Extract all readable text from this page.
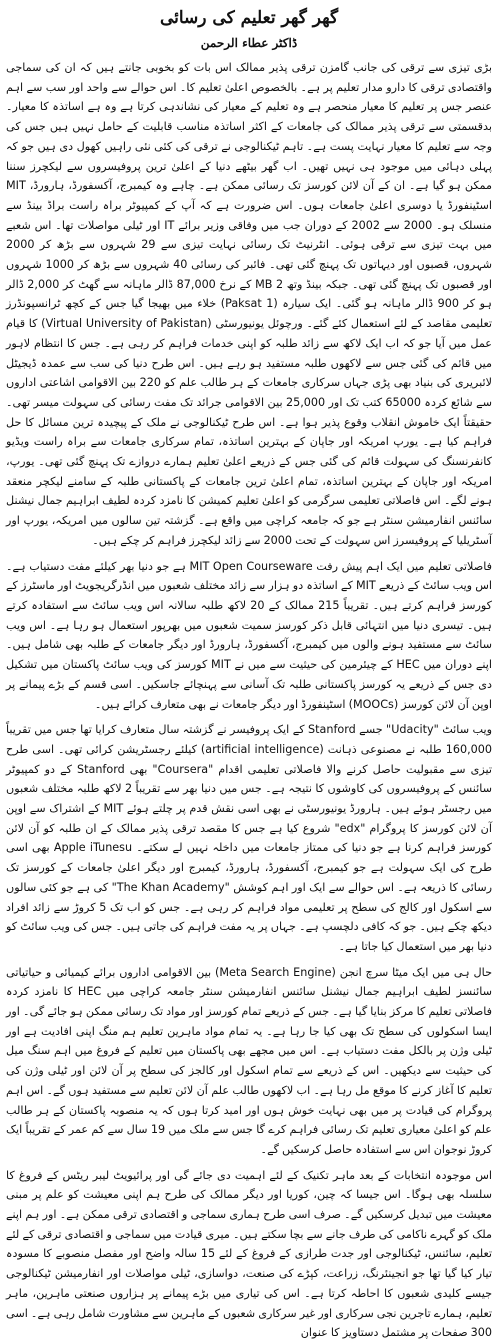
گھر گھر تعلیم کی رسائی
ڈاکٹر عطاء الرحمن

بڑی تیزی سے ترقی کی جانب گامزن ترقی پذیر ممالک اس بات کو بخوبی جانتے ہیں کہ ان کی سماجی واقتصادی ترقی کا دارو مدار تعلیم پر ہے۔ بالخصوص اعلیٰ تعلیم کا۔ اس حوالے سے واحد اور سب سے اہم عنصر جس پر تعلیم کا معیار منحصر ہے وہ تعلیم کے معیار کی نشاندہی کرتا ہے وہ ہے اساتذہ کا معیار۔ بدقسمتی سے ترقی پذیر ممالک کی جامعات کے اکثر اساتذہ مناسب قابلیت کے حامل نہیں ہیں جس کی وجہ سے تعلیم کا معیار نہایت پست ہے۔ تاہم ٹیکنالوجی نے ترقی کی کئی نئی راہیں کھول دی ہیں جو کہ پہلی دہائی میں موجود ہی نہیں تھیں۔ اب گھر بیٹھے دنیا کے اعلیٰ ترین پروفیسروں سے لیکچرز سننا ممکن ہو گیا ہے۔ ان کے آن لائن کورسز تک رسائی ممکن ہے۔ چاہے وہ کیمبرج، آکسفورڈ، ہارورڈ، MIT اسٹینفورڈ یا دوسری اعلیٰ جامعات ہوں۔ اس ضرورت ہے کہ آپ کے کمپیوٹر براہ راست براڈ بینڈ سے منسلک ہو۔ 2000 سے 2002 کے دوران جب میں وفاقی وزیر برائے IT اور ٹیلی مواصلات تھا۔ اس شعبے میں بہت تیزی سے ترقی ہوئی۔ انٹرنیٹ تک رسائی نہایت تیزی سے 29 شہروں سے بڑھ کر 2000 شہروں، قصبوں اور دیہاتوں تک پہنچ گئی تھی۔ فائبر کی رسائی 40 شہروں سے بڑھ کر 1000 شہروں اور قصبوں تک پہنچ گئی تھی۔ جبکہ بینڈ وتھ 2 MB کے نرخ 87,000 ڈالر ماہانہ سے گھٹ کر 2,000 ڈالر ہو کر 900 ڈالر ماہانہ ہو گئی۔ ایک سیارہ (Paksat 1) خلاء میں بھیجا گیا جس کے کچھ ٹرانسپونڈرز تعلیمی مقاصد کے لئے استعمال کئے گئے۔ ورچوئل یونیورسٹی (Virtual University of Pakistan) کا قیام عمل میں آیا جو کہ اب ایک لاکھ سے زائد طلبہ کو اپنی خدمات فراہم کر رہی ہے۔ جس کا انتظام لاہور میں قائم کی گئی جس سے لاکھوں طلبہ مستفید ہو رہے ہیں۔ اس طرح دنیا کی سب سے عمدہ ڈیجیٹل لائبریری کی بنیاد بھی پڑی جہاں سرکاری جامعات کے ہر طالب علم کو 220 بین الاقوامی اشاعتی اداروں سے شائع کردہ 65000 کتب تک اور 25,000 بین الاقوامی جرائد تک مفت رسائی کی سہولت میسر تھی۔ حقیقتاً ایک خاموش انقلاب وقوع پذیر ہوا ہے۔ اس طرح ٹیکنالوجی نے ملک کے پیچیدہ ترین مسائل کا حل فراہم کیا ہے۔ یورپ امریکہ اور جاپان کے بہترین اساتذہ، تمام سرکاری جامعات سے براہ راست ویڈیو کانفرنسنگ کی سہولت قائم کی گئی جس کے ذریعے اعلیٰ تعلیم ہمارے دروازے تک پہنچ گئی تھی۔ یورپ، امریکہ اور جاپان کے بہترین اساتذہ، تمام اعلیٰ ترین جامعات کے پاکستانی طلبہ کے سامنے لیکچر منعقد ہونے لگے۔ اس فاصلاتی تعلیمی سرگرمی کو اعلیٰ تعلیم کمیشن کا نامزد کردہ لطیف ابراہیم جمال نیشنل سائنس انفارمیشن سنٹر ہے جو کہ جامعہ کراچی میں واقع ہے۔ گزشتہ تین سالوں میں امریکہ، یورپ اور آسٹریلیا کے پروفیسرز اس سہولت کے تحت 2000 سے زائد لیکچرز فراہم کر چکے ہیں۔

فاصلاتی تعلیم میں ایک اہم پیش رفت MIT Open Courseware ہے جو دنیا بھر کیلئے مفت دستیاب ہے۔ اس ویب سائٹ کے ذریعے MIT کے اساتذہ دو ہزار سے زائد مختلف شعبوں میں انڈرگریجویٹ اور ماسٹرز کے کورسز فراہم کرتے ہیں۔ تقریباً 215 ممالک کے 20 لاکھ طلبہ سالانہ اس ویب سائٹ سے استفادہ کرتے ہیں۔ تیسری دنیا میں انتہائی قابل ذکر کورسز سمیت شعبوں میں بھرپور استعمال ہو رہا ہے۔ اس ویب سائٹ سے مستفید ہونے والوں میں کیمبرج، آکسفورڈ، ہارورڈ اور دیگر جامعات کے طلبہ بھی شامل ہیں۔ اپنے دوران میں HEC کے چیئرمین کی حیثیت سے میں نے MIT کورسز کی ویب سائٹ پاکستان میں تشکیل دی جس کے ذریعے یہ کورسز پاکستانی طلبہ تک آسانی سے پہنچائے جاسکیں۔ اسی قسم کے بڑے پیمانے پر اوپن آن لائن کورسز (MOOCs) اسٹینفورڈ اور دیگر جامعات نے بھی متعارف کرائے ہیں۔

ویب سائٹ "Udacity" جسے Stanford کے ایک پروفیسر نے گزشتہ سال متعارف کرایا تھا جس میں تقریباً 160,000 طلبہ نے مصنوعی ذہانت (artificial intelligence) کیلئے رجسٹریشن کرائی تھی۔ اسی طرح تیزی سے مقبولیت حاصل کرنے والا فاصلاتی تعلیمی اقدام "Coursera" بھی Stanford کے دو کمپیوٹر سائنس کے پروفیسروں کی کاوشوں کا نتیجہ ہے۔ جس میں دنیا بھر سے تقریباً 2 لاکھ طلبہ مختلف شعبوں میں رجسٹر ہوئے ہیں۔ ہارورڈ یونیورسٹی نے بھی اسی نقش قدم پر چلتے ہوئے MIT کے اشتراک سے اوپن آن لائن کورسز کا پروگرام "edx" شروع کیا ہے جس کا مقصد ترقی پذیر ممالک کے ان طلبہ کو آن لائن کورسز فراہم کرنا ہے جو دنیا کی ممتاز جامعات میں داخلہ نہیں لے سکتے۔ Apple iTunesu بھی اسی طرح کی ایک سہولت ہے جو کیمبرج، آکسفورڈ، ہارورڈ، کیمبرج اور دیگر اعلیٰ جامعات کے کورسز تک رسائی کا ذریعہ ہے۔ اس حوالے سے ایک اور اہم کوشش "The Khan Academy" کی ہے جو کئی سالوں سے اسکول اور کالج کی سطح پر تعلیمی مواد فراہم کر رہی ہے۔ جس کو اب تک 5 کروڑ سے زائد افراد دیکھ چکے ہیں۔ جو کہ کافی دلچسپ ہے۔ جہاں پر یہ مفت فراہم کی جاتی ہیں۔ جس کی ویب سائٹ کو دنیا بھر میں استعمال کیا جاتا ہے۔

حال ہی میں ایک میٹا سرچ انجن (Meta Search Engine) بین الاقوامی اداروں برائے کیمیائی و حیاتیاتی سائنسز لطیف ابراہیم جمال نیشنل سائنس انفارمیشن سنٹر جامعہ کراچی میں HEC کا نامزد کردہ فاصلاتی تعلیم کا مرکز بنایا گیا ہے۔ جس کے ذریعے تمام کورسز اور مواد تک رسائی ممکن ہو جائے گی۔ اور ایسا اسکولوں کی سطح تک بھی کیا جا رہا ہے۔ یہ تمام مواد ماہرین تعلیم ہم منگ اپنی افادیت ہے اور ٹیلی وژن پر بالکل مفت دستیاب ہے۔ اس میں مجھے بھی پاکستان میں تعلیم کے فروغ میں اہم سنگ میل کی حیثیت سے دیکھیں۔ اس کے ذریعے سے تمام اسکول اور کالجز کی سطح پر آن لائن اور ٹیلی وژن کی تعلیم کا آغاز کرنے کا موقع مل رہا ہے۔ اب لاکھوں طالب علم آن لائن تعلیم سے مستفید ہوں گے۔ اس اہم پروگرام کی قیادت پر میں بھی نہایت خوش ہوں اور امید کرتا ہوں کہ یہ منصوبہ پاکستان کے ہر طالب علم کو اعلیٰ معیاری تعلیم تک رسائی فراہم کرے گا جس سے ملک میں 19 سال سے کم عمر کے تقریباً ایک کروڑ نوجوان اس سے استفادہ حاصل کرسکیں گے۔

اس موجودہ انتخابات کے بعد ماہر تکنیک کے لئے اہمیت دی جائے گی اور پرائیویٹ لیبر ریٹس کے فروغ کا سلسلہ بھی ہوگا۔ اس جیسا کہ چین، کوریا اور دیگر ممالک کی طرح ہم اپنی معیشت کو علم پر مبنی معیشت میں تبدیل کرسکیں گے۔ صرف اسی طرح ہماری سماجی و اقتصادی ترقی ممکن ہے۔ اور ہم اپنے ملک کو گہرے ناکامی کی طرف جانے سے بچا سکتے ہیں۔ میری قیادت میں سماجی و اقتصادی ترقی کے لئے تعلیم، سائنس، ٹیکنالوجی اور جدت طرازی کے فروغ کے لئے 15 سالہ واضح اور مفصل منصوبے کا مسودہ تیار کیا گیا تھا جو انجینئرنگ، زراعت، کپڑے کی صنعت، دواسازی، ٹیلی مواصلات اور انفارمیشن ٹیکنالوجی جیسے کلیدی شعبوں کا احاطہ کرتا ہے۔ اس کی تیاری میں بڑے پیمانے پر ہزاروں صنعتی ماہرین، ماہر تعلیم، ہمارے تاجرین نجی سرکاری اور غیر سرکاری شعبوں کے ماہرین سے مشاورت شامل رہی ہے۔ اسی 300 صفحات پر مشتمل دستاویز کا عنوان
